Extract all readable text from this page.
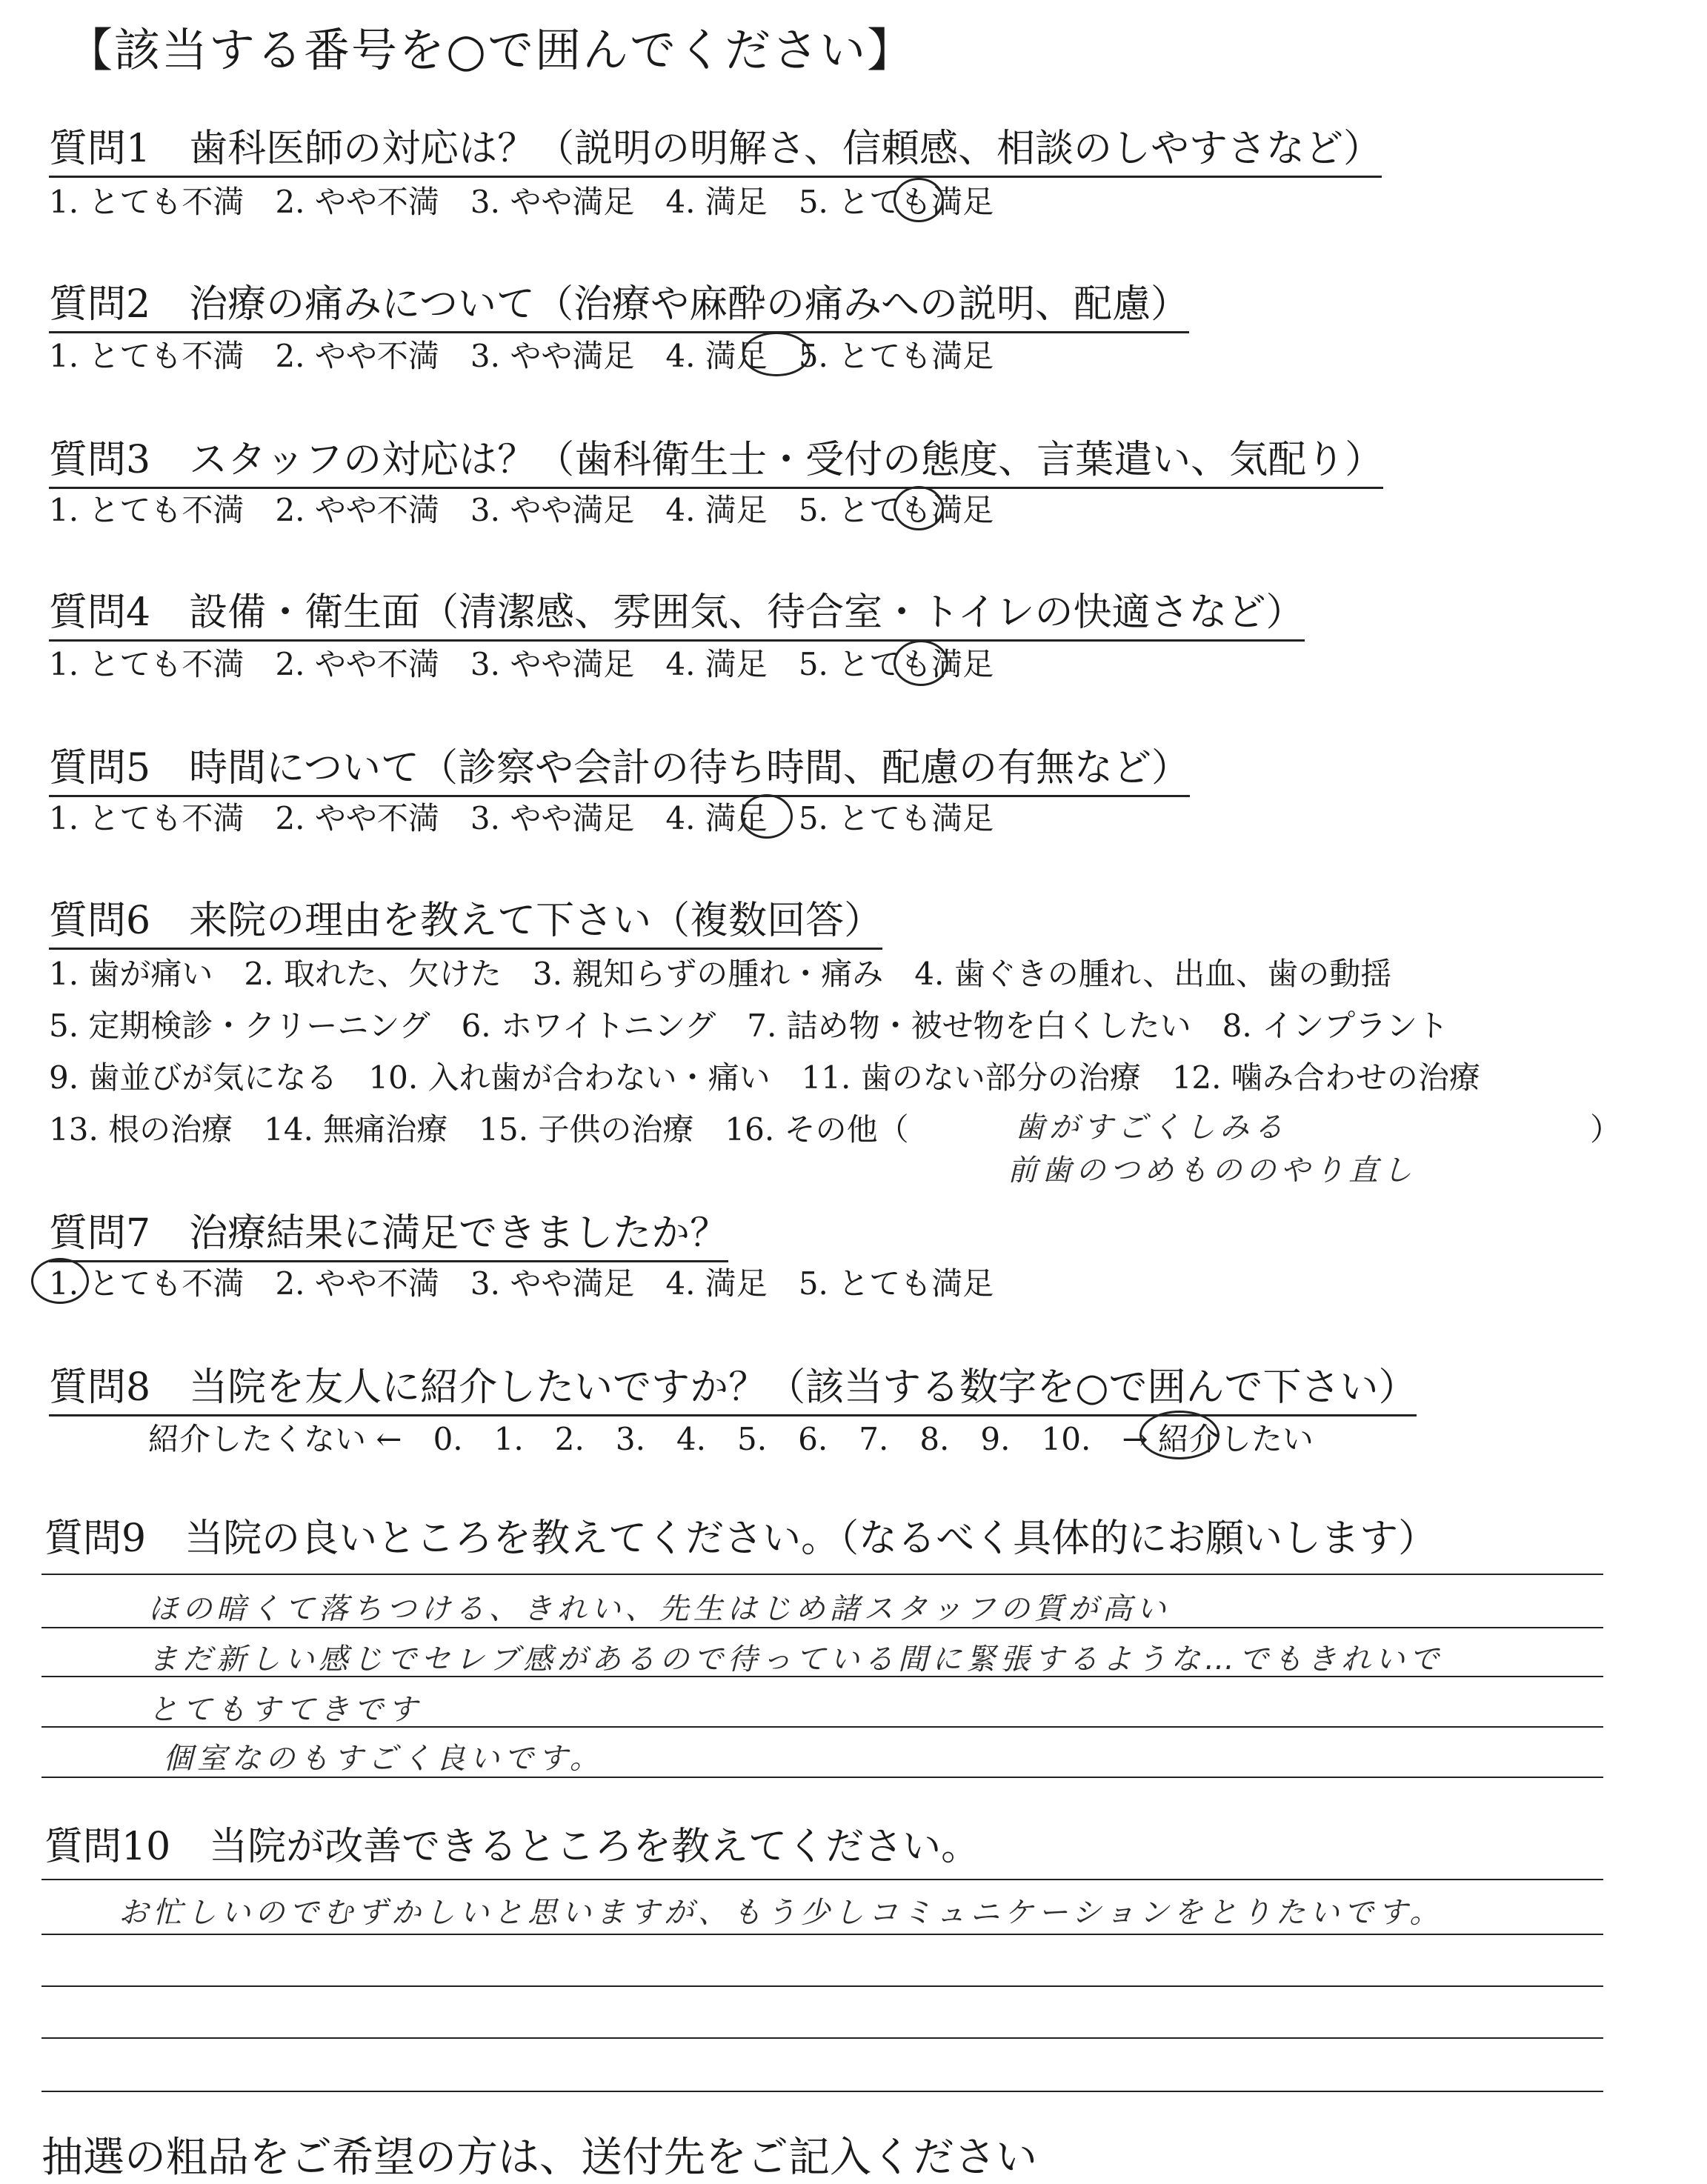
【該当する番号を○で囲んでください】
質問1　歯科医師の対応は？（説明の明解さ、信頼感、相談のしやすさなど）
1. とても不満　 2. やや不満　 3. やや満足　 4. 満足　 5. とても満足
質問2　治療の痛みについて（治療や麻酔の痛みへの説明、配慮）
1. とても不満　 2. やや不満　 3. やや満足　 4. 満足　 5. とても満足
質問3　スタッフの対応は？（歯科衛生士・受付の態度、言葉遣い、気配り）
1. とても不満　 2. やや不満　 3. やや満足　 4. 満足　 5. とても満足
質問4　設備・衛生面（清潔感、雰囲気、待合室・トイレの快適さなど）
1. とても不満　 2. やや不満　 3. やや満足　 4. 満足　 5. とても満足
質問5　時間について（診察や会計の待ち時間、配慮の有無など）
1. とても不満　 2. やや不満　 3. やや満足　 4. 満足　 5. とても満足
質問6　来院の理由を教えて下さい（複数回答）
1. 歯が痛い　2. 取れた、欠けた　3. 親知らずの腫れ・痛み　4. 歯ぐきの腫れ、出血、歯の動揺
5. 定期検診・クリーニング　6. ホワイトニング　7. 詰め物・被せ物を白くしたい　8. インプラント
9. 歯並びが気になる　10. 入れ歯が合わない・痛い　11. 歯のない部分の治療　12. 噛み合わせの治療
13. 根の治療　14. 無痛治療　15. 子供の治療　16. その他（	歯がすごくしみる	）
前歯のつめもののやり直し
質問7　治療結果に満足できましたか？
1. とても不満　 2. やや不満　 3. やや満足　 4. 満足　 5. とても満足
質問8　当院を友人に紹介したいですか？（該当する数字を○で囲んで下さい）
紹介したくない ←　 0.　 1.　 2.　 3.　 4.　 5.　 6.　 7.　 8.　 9.　 10.　 → 紹介したい
質問9　当院の良いところを教えてください。（なるべく具体的にお願いします）
ほの暗くて落ちつける、きれい、先生はじめ諸スタッフの質が高い
まだ新しい感じでセレブ感があるので待っている間に緊張するような…でもきれいで
とてもすてきです
個室なのもすごく良いです。
質問10　当院が改善できるところを教えてください。
お忙しいのでむずかしいと思いますが、もう少しコミュニケーションをとりたいです。
抽選の粗品をご希望の方は、送付先をご記入ください
